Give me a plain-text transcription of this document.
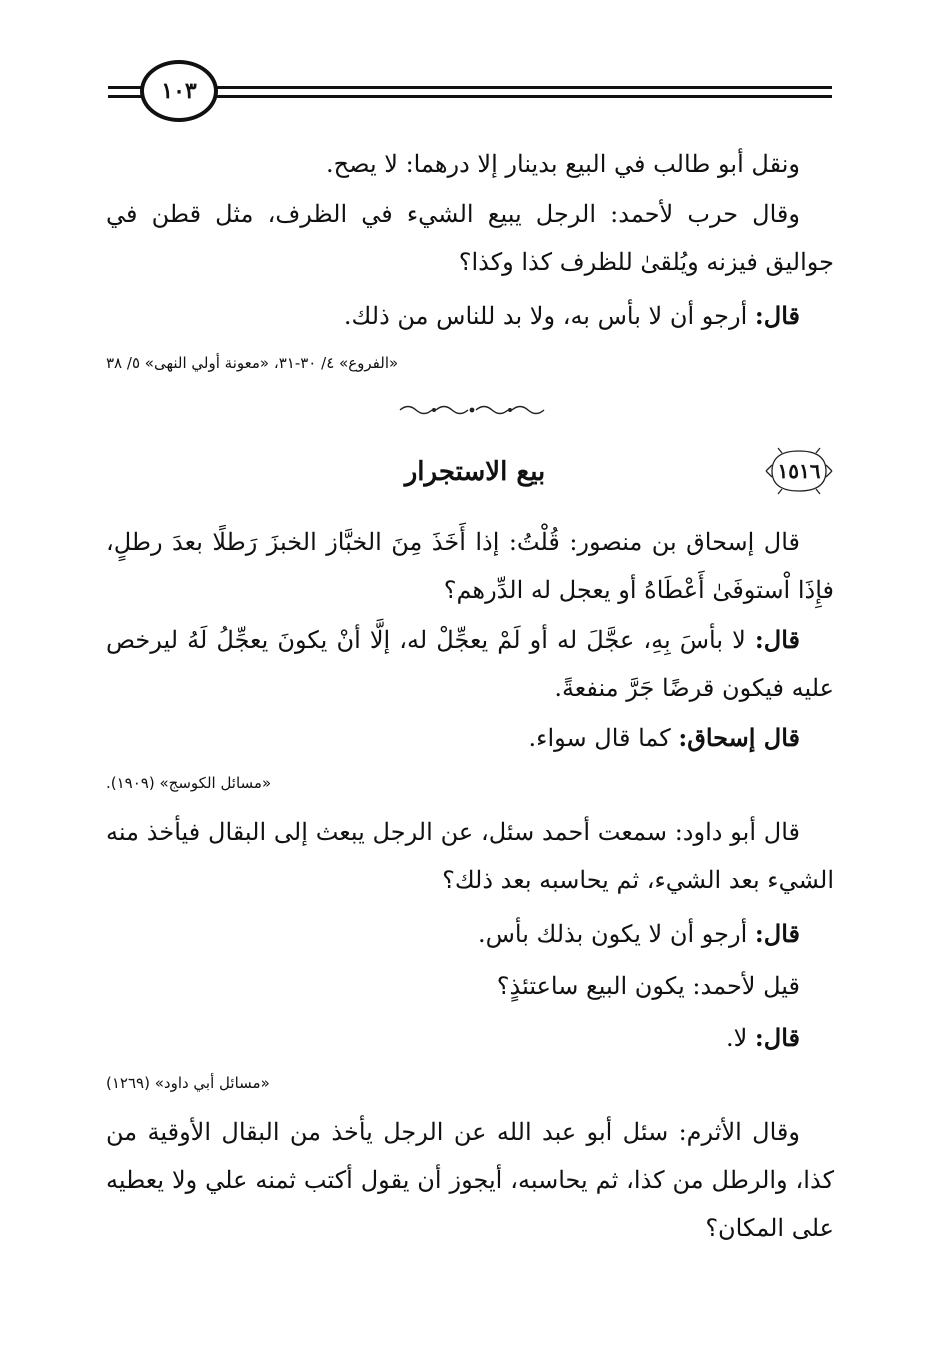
١٠٣
ونقل أبو طالب في البيع بدينار إلا درهما: لا يصح.
وقال حرب لأحمد: الرجل يبيع الشيء في الظرف، مثل قطن في جواليق فيزنه ويُلقىٰ للظرف كذا وكذا؟
قال: أرجو أن لا بأس به، ولا بد للناس من ذلك.
«الفروع» ٤/ ٣٠-٣١، «معونة أولي النهى» ٥/ ٣٨
١٥١٦
بيع الاستجرار
قال إسحاق بن منصور: قُلْتُ: إذا أَخَذَ مِنَ الخبَّاز الخبزَ رَطلًا بعدَ رطلٍ، فإِذَا اْستوفَىٰ أَعْطَاهُ أو يعجل له الدِّرهم؟
قال: لا بأسَ بِهِ، عجَّلَ له أو لَمْ يعجِّلْ له، إلَّا أنْ يكونَ يعجِّلُ لَهُ ليرخص عليه فيكون قرضًا جَرَّ منفعةً.
قال إسحاق: كما قال سواء.
«مسائل الكوسج» (١٩٠٩).
قال أبو داود: سمعت أحمد سئل، عن الرجل يبعث إلى البقال فيأخذ منه الشيء بعد الشيء، ثم يحاسبه بعد ذلك؟
قال: أرجو أن لا يكون بذلك بأس.
قيل لأحمد: يكون البيع ساعتئذٍ؟
قال: لا.
«مسائل أبي داود» (١٢٦٩)
وقال الأثرم: سئل أبو عبد الله عن الرجل يأخذ من البقال الأوقية من كذا، والرطل من كذا، ثم يحاسبه، أيجوز أن يقول أكتب ثمنه علي ولا يعطيه على المكان؟
